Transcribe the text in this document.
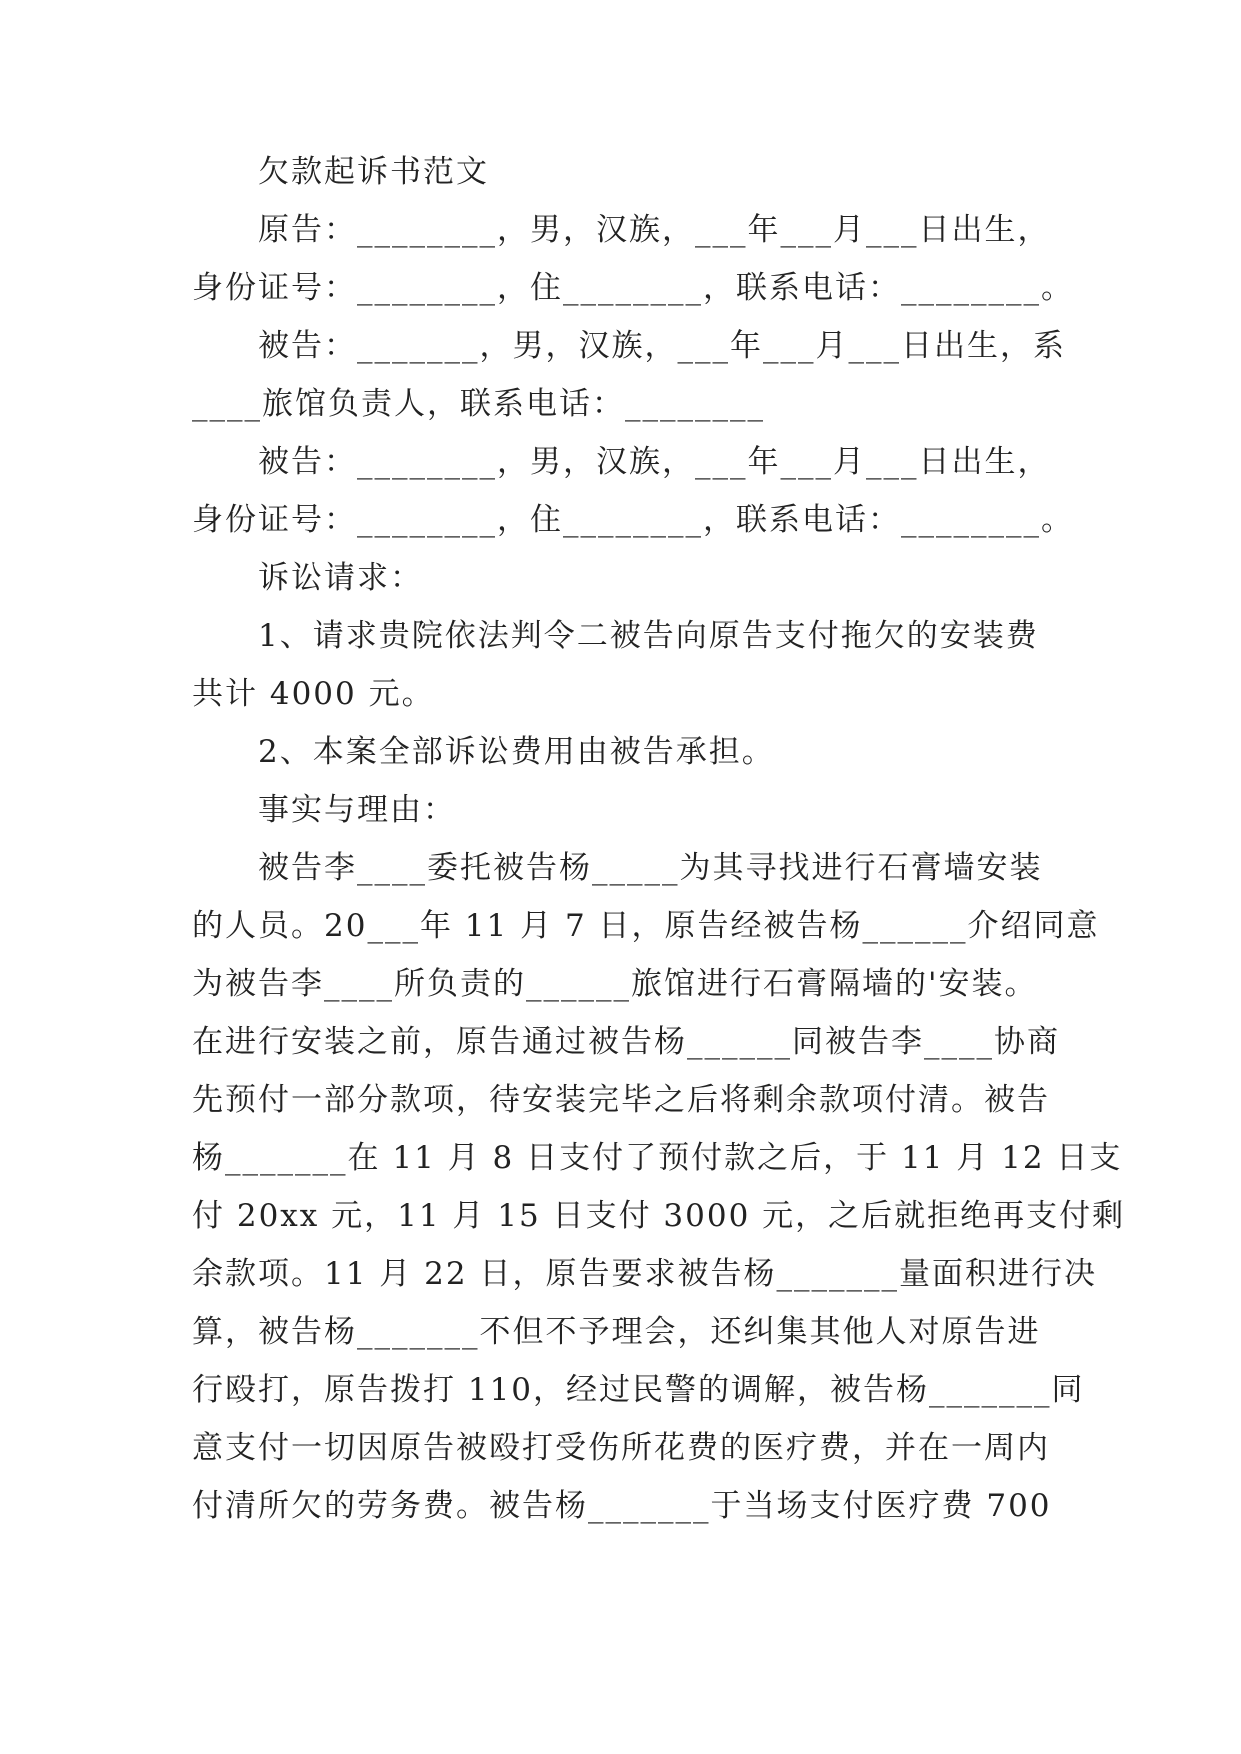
欠款起诉书范文
原告：________，男，汉族，___年___月___日出生，
身份证号：________，住________，联系电话：________。
被告：_______，男，汉族，___年___月___日出生，系
____旅馆负责人，联系电话：________
被告：________，男，汉族，___年___月___日出生，
身份证号：________，住________，联系电话：________。
诉讼请求：
1、请求贵院依法判令二被告向原告支付拖欠的安装费
共计 4000 元。
2、本案全部诉讼费用由被告承担。
事实与理由：
被告李____委托被告杨_____为其寻找进行石膏墙安装
的人员。20___年 11 月 7 日，原告经被告杨______介绍同意
为被告李____所负责的______旅馆进行石膏隔墙的'安装。
在进行安装之前，原告通过被告杨______同被告李____协商
先预付一部分款项，待安装完毕之后将剩余款项付清。被告
杨_______在 11 月 8 日支付了预付款之后，于 11 月 12 日支
付 20xx 元，11 月 15 日支付 3000 元，之后就拒绝再支付剩
余款项。11 月 22 日，原告要求被告杨_______量面积进行决
算，被告杨_______不但不予理会，还纠集其他人对原告进
行殴打，原告拨打 110，经过民警的调解，被告杨_______同
意支付一切因原告被殴打受伤所花费的医疗费，并在一周内
付清所欠的劳务费。被告杨_______于当场支付医疗费 700
